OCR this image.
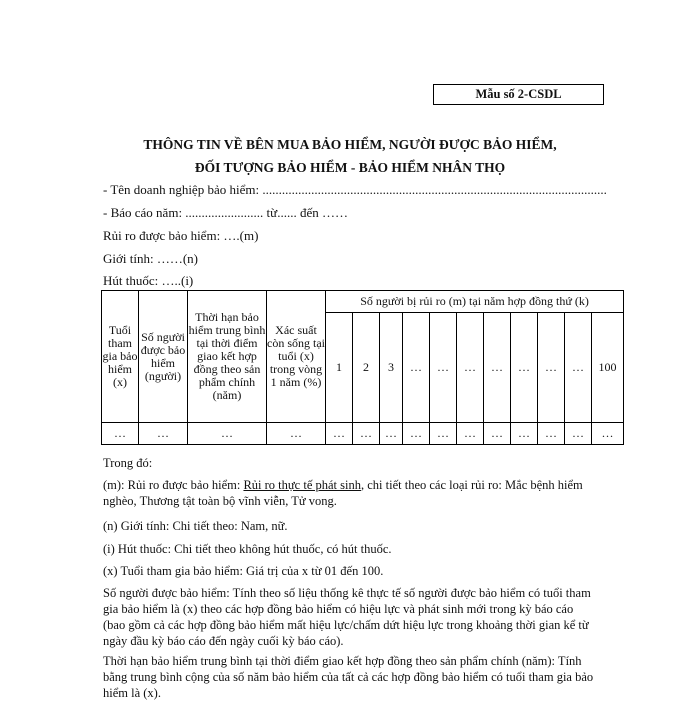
Mẫu số 2-CSDL
THÔNG TIN VỀ BÊN MUA BẢO HIỂM, NGƯỜI ĐƯỢC BẢO HIỂM,
ĐỐI TƯỢNG BẢO HIỂM - BẢO HIỂM NHÂN THỌ
- Tên doanh nghiệp bảo hiểm: ..........................................................................................................
- Báo cáo năm: ........................ từ...... đến ……
Rủi ro được bảo hiểm: ….(m)
Giới tính: ……(n)
Hút thuốc: …..(i)
Tuổi tham gia bảo hiểm (x)	Số người được bảo hiểm (người)	Thời hạn bảo hiểm trung bình tại thời điểm giao kết hợp đồng theo sản phẩm chính (năm)	Xác suất còn sống tại tuổi (x) trong vòng 1 năm (%)	Số người bị rủi ro (m) tại năm hợp đồng thứ (k)										
				1	2	3	…	…	…	…	…	…	…	100
…	…	…	…	…	…	…	…	…	…	…	…	…	…	…
Trong đó:
(m): Rủi ro được bảo hiểm: Rủi ro thực tế phát sinh, chi tiết theo các loại rủi ro: Mắc bệnh hiểm nghèo, Thương tật toàn bộ vĩnh viễn, Tử vong.
(n) Giới tính: Chi tiết theo: Nam, nữ.
(i) Hút thuốc: Chi tiết theo không hút thuốc, có hút thuốc.
(x) Tuổi tham gia bảo hiểm: Giá trị của x từ 01 đến 100.
Số người được bảo hiểm: Tính theo số liệu thống kê thực tế số người được bảo hiểm có tuổi tham gia bảo hiểm là (x) theo các hợp đồng bảo hiểm có hiệu lực và phát sinh mới trong kỳ báo cáo (bao gồm cả các hợp đồng bảo hiểm mất hiệu lực/chấm dứt hiệu lực trong khoảng thời gian kể từ ngày đầu kỳ báo cáo đến ngày cuối kỳ báo cáo).
Thời hạn bảo hiểm trung bình tại thời điểm giao kết hợp đồng theo sản phẩm chính (năm): Tính bằng trung bình cộng của số năm bảo hiểm của tất cả các hợp đồng bảo hiểm có tuổi tham gia bảo hiểm là (x).
